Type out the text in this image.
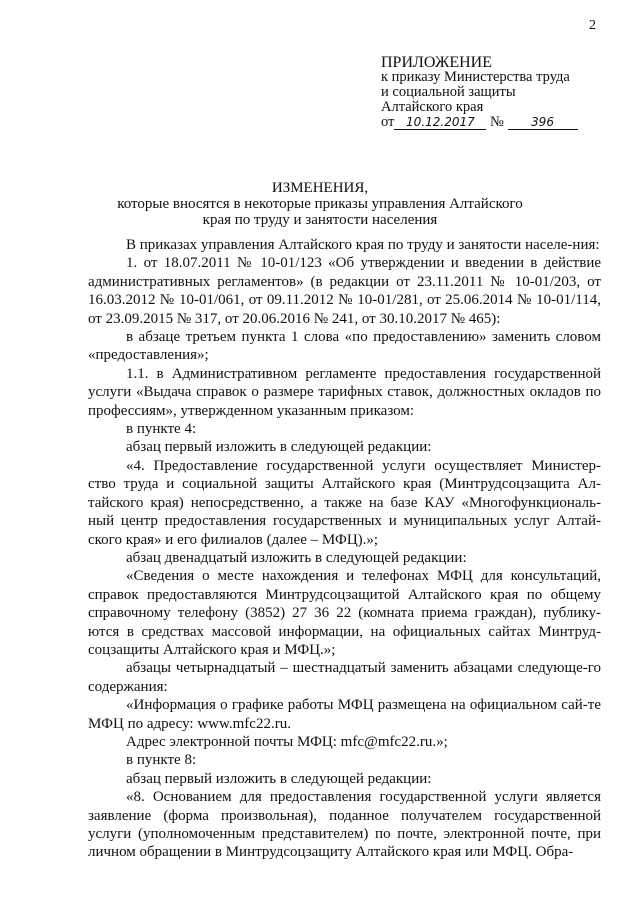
2
ПРИЛОЖЕНИЕ
к приказу Министерства труда
и социальной защиты
Алтайского края
от 10.12.2017 № 396
ИЗМЕНЕНИЯ,
которые вносятся в некоторые приказы управления Алтайского
края по труду и занятости населения

В приказах управления Алтайского края по труду и занятости населе-ния:

1. от 18.07.2011 № 10-01/123 «Об утверждении и введении в действие административных регламентов» (в редакции от 23.11.2011 № 10-01/203, от 16.03.2012 № 10-01/061, от 09.11.2012 № 10-01/281, от 25.06.2014 № 10-01/114, от 23.09.2015 № 317, от 20.06.2016 № 241, от 30.10.2017 № 465):

в абзаце третьем пункта 1 слова «по предоставлению» заменить словом «предоставления»;

1.1. в Административном регламенте предоставления государственной услуги «Выдача справок о размере тарифных ставок, должностных окладов по профессиям», утвержденном указанным приказом:

в пункте 4:

абзац первый изложить в следующей редакции:

«4. Предоставление государственной услуги осуществляет Министер-ство труда и социальной защиты Алтайского края (Минтрудсоцзащита Ал-тайского края) непосредственно, а также на базе КАУ «Многофункциональ-ный центр предоставления государственных и муниципальных услуг Алтай-ского края» и его филиалов (далее – МФЦ).»;

абзац двенадцатый изложить в следующей редакции:

«Сведения о месте нахождения и телефонах МФЦ для консультаций, справок предоставляются Минтрудсоцзащитой Алтайского края по общему справочному телефону (3852) 27 36 22 (комната приема граждан), публику-ются в средствах массовой информации, на официальных сайтах Минтруд-соцзащиты Алтайского края и МФЦ.»;

абзацы четырнадцатый – шестнадцатый заменить абзацами следующе-го содержания:

«Информация о графике работы МФЦ размещена на официальном сай-те МФЦ по адресу: www.mfc22.ru.

Адрес электронной почты МФЦ: mfc@mfc22.ru.»;

в пункте 8:

абзац первый изложить в следующей редакции:

«8. Основанием для предоставления государственной услуги является заявление (форма произвольная), поданное получателем государственной услуги (уполномоченным представителем) по почте, электронной почте, при личном обращении в Минтрудсоцзащиту Алтайского края или МФЦ. Обра-
